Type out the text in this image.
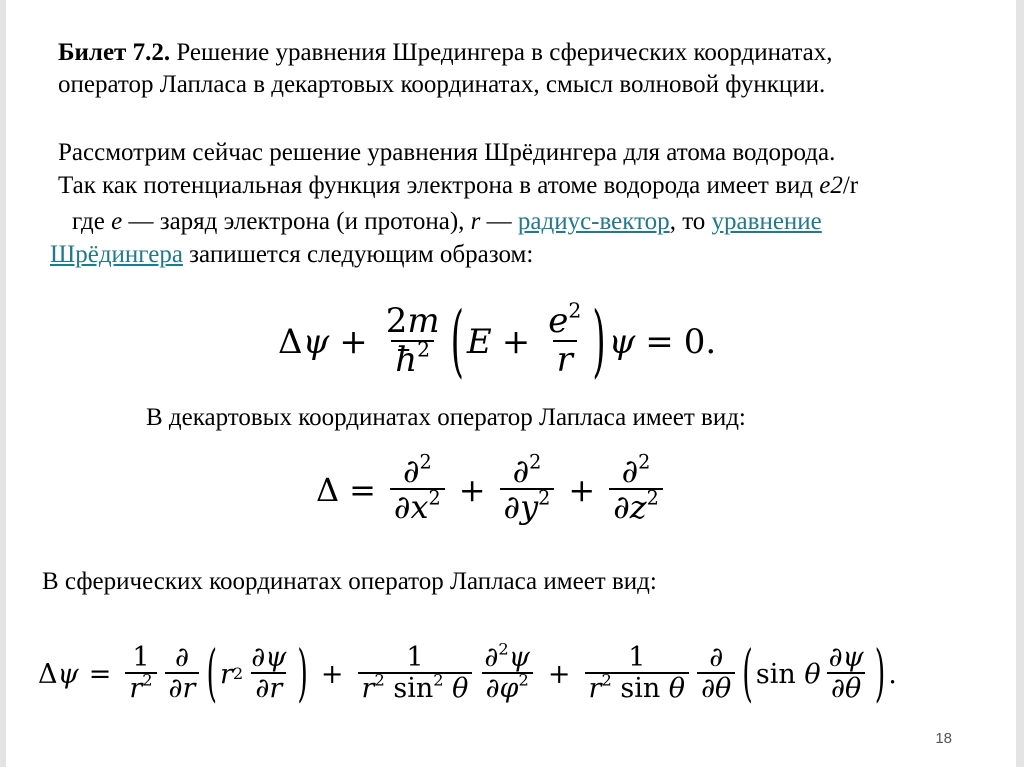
Билет 7.2. Решение уравнения Шредингера в сферических координатах,
оператор Лапласа в декартовых координатах, смысл волновой функции.
Рассмотрим сейчас решение уравнения Шрёдингера для атома водорода.
Так как потенциальная функция электрона в атоме водорода имеет вид e2/r
где e — заряд электрона (и протона), r — радиус-вектор, то уравнение
Шрёдингера запишется следующим образом:
Δ $\psi + \frac{2m}{ħ^2}$ ( $E + \frac{e^2}{r}$ ) ψ = 0.
В декартовых координатах оператор Лапласа имеет вид:
$\Delta = \frac{\partial^2}{\partial x^2} + \frac{\partial^2}{\partial y^2} + \frac{\partial^2}{\partial z^2}$
В сферических координатах оператор Лапласа имеет вид:
Δ $\psi = \frac{1}{r^2} \frac{\partial}{\partial r}$ ( r $2 \frac{\partial\psi}{\partial r}$ ) + $\frac{1}{r^2 \sin^2 \theta} \frac{\partial^2\psi}{\partial\varphi^2} + \frac{1}{r^2 \sin \theta} \frac{\partial}{\partial\theta}$ ( sin θ $\frac{\partial\psi}{\partial\theta}$ ) .
18
